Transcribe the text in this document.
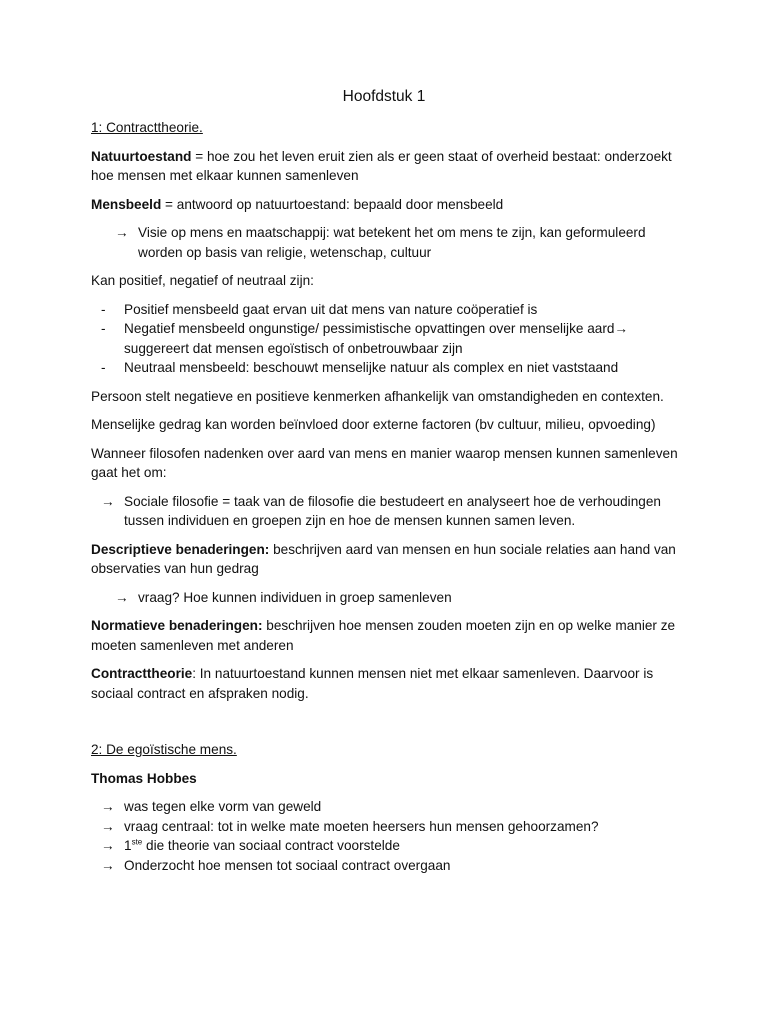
Hoofdstuk 1

1: Contracttheorie.

Natuurtoestand = hoe zou het leven eruit zien als er geen staat of overheid bestaat: onderzoekt hoe mensen met elkaar kunnen samenleven

Mensbeeld = antwoord op natuurtoestand: bepaald door mensbeeld

→ Visie op mens en maatschappij: wat betekent het om mens te zijn, kan geformuleerd worden op basis van religie, wetenschap, cultuur

Kan positief, negatief of neutraal zijn:

- Positief mensbeeld gaat ervan uit dat mens van nature coöperatief is
- Negatief mensbeeld ongunstige/ pessimistische opvattingen over menselijke aard→
suggereert dat mensen egoïstisch of onbetrouwbaar zijn
- Neutraal mensbeeld: beschouwt menselijke natuur als complex en niet vaststaand

Persoon stelt negatieve en positieve kenmerken afhankelijk van omstandigheden en contexten.

Menselijke gedrag kan worden beïnvloed door externe factoren (bv cultuur, milieu, opvoeding)

Wanneer filosofen nadenken over aard van mens en manier waarop mensen kunnen samenleven gaat het om:

→ Sociale filosofie = taak van de filosofie die bestudeert en analyseert hoe de verhoudingen tussen individuen en groepen zijn en hoe de mensen kunnen samen leven.

Descriptieve benaderingen: beschrijven aard van mensen en hun sociale relaties aan hand van observaties van hun gedrag

→ vraag? Hoe kunnen individuen in groep samenleven

Normatieve benaderingen: beschrijven hoe mensen zouden moeten zijn en op welke manier ze moeten samenleven met anderen

Contracttheorie: In natuurtoestand kunnen mensen niet met elkaar samenleven. Daarvoor is sociaal contract en afspraken nodig.

2: De egoïstische mens.

Thomas Hobbes

→ was tegen elke vorm van geweld
→ vraag centraal: tot in welke mate moeten heersers hun mensen gehoorzamen?
→ 1ste die theorie van sociaal contract voorstelde
→ Onderzocht hoe mensen tot sociaal contract overgaan
